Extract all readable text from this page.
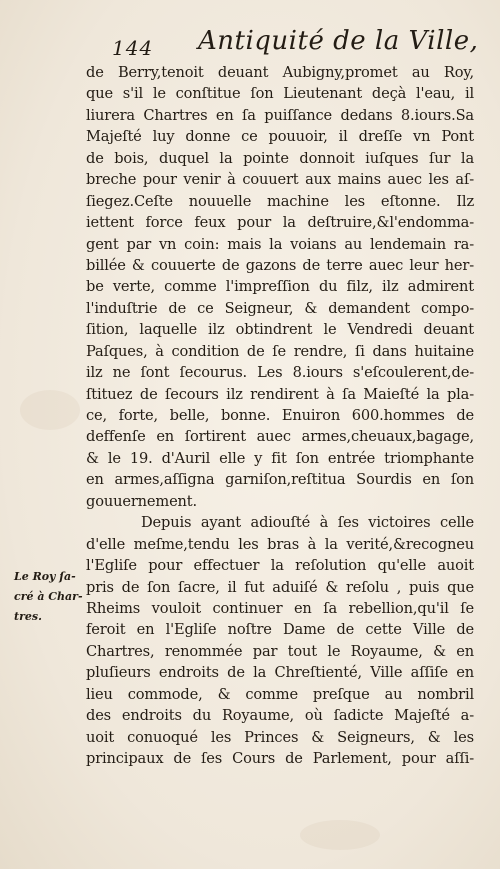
144 Antiquité de la Ville,
de Berry,tenoit deuant Aubigny,promet au Roy,
que s'il le conſtitue ſon Lieutenant deçà l'eau, il
liurera Chartres en ſa puiſſance dedans 8.iours.Sa
Majeſté luy donne ce pouuoir, il dreſſe vn Pont
de bois, duquel la pointe donnoit iuſques ſur la
breche pour venir à couuert aux mains auec les aſ-
ſiegez.Ceſte nouuelle machine les eſtonne. Ilz
iettent force feux pour la deſtruire,&l'endomma-
gent par vn coin: mais la voians au lendemain ra-
billée & couuerte de gazons de terre auec leur her-
be verte, comme l'impreſſion du filz, ilz admirent
l'induſtrie de ce Seigneur, & demandent compo-
ſition, laquelle ilz obtindrent le Vendredi deuant
Paſques, à condition de ſe rendre, ſi dans huitaine
ilz ne ſont ſecourus. Les 8.iours s'eſcoulerent,de-
ſtituez de ſecours ilz rendirent à ſa Maieſté la pla-
ce, forte, belle, bonne. Enuiron 600.hommes de
deffenſe en ſortirent auec armes,cheuaux,bagage,
& le 19. d'Auril elle y fit ſon entrée triomphante
en armes,aſſigna garniſon,reſtitua Sourdis en ſon
gouuernement.
Depuis ayant adiouſté à ſes victoires celle
d'elle meſme,tendu les bras à la verité,&recogneu
l'Egliſe pour effectuer la reſolution qu'elle auoit
pris de ſon ſacre, il fut aduiſé & reſolu , puis que
Rheims vouloit continuer en ſa rebellion,qu'il ſe
feroit en l'Egliſe noſtre Dame de cette Ville de
Chartres, renommée par tout le Royaume, & en
pluſieurs endroits de la Chreſtienté, Ville aſſiſe en
lieu commode, & comme preſque au nombril
des endroits du Royaume, où ſadicte Majeſté a-
uoit conuoqué les Princes & Seigneurs, & les
principaux de ſes Cours de Parlement, pour aſſi-
Le Roy ſa-
cré à Char-
tres.
